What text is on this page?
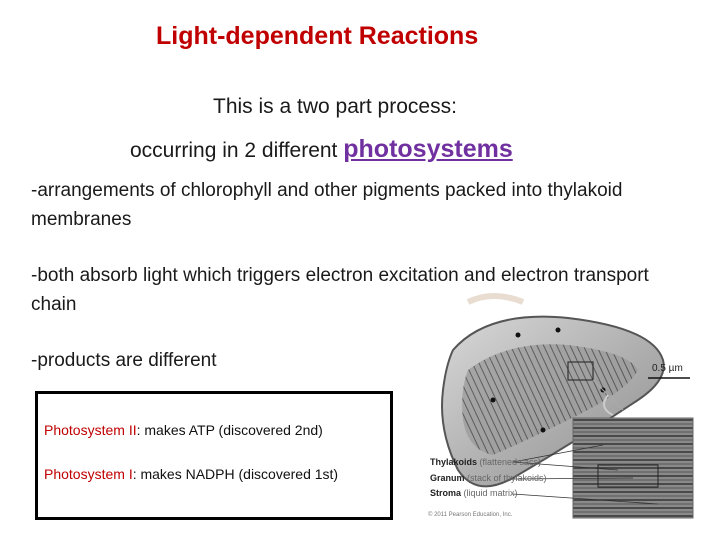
Light-dependent Reactions
This is a two part process:
occurring in 2 different photosystems
-arrangements of chlorophyll and other pigments packed into thylakoid membranes
-both absorb light which triggers electron excitation and electron transport chain
-products are different	0.5 µm
Thylakoids (flattened sacs)
Granum (stack of thylakoids)
Stroma (liquid matrix)
© 2011 Pearson Education, Inc.
Photosystem II: makes ATP (discovered 2nd)
Photosystem I: makes NADPH (discovered 1st)
